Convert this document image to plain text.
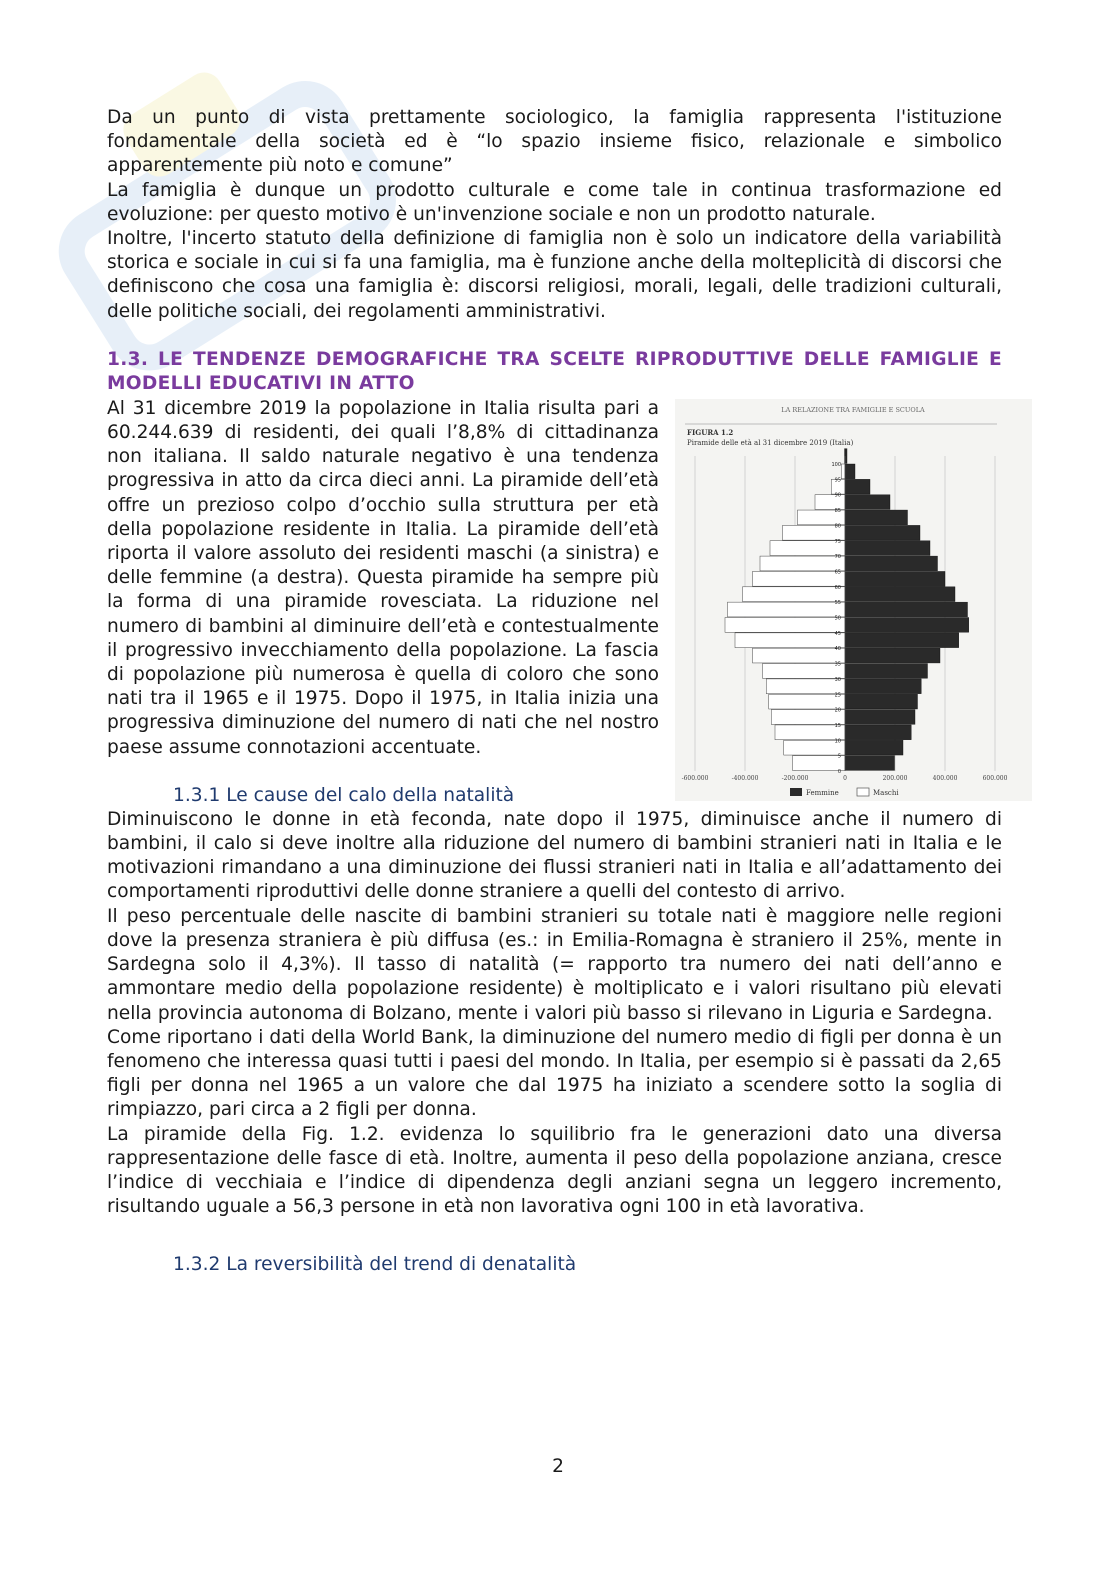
Da un punto di vista prettamente sociologico, la famiglia rappresenta l'istituzione fondamentale della società ed è “lo spazio insieme fisico, relazionale e simbolico apparentemente più noto e comune”

La famiglia è dunque un prodotto culturale e come tale in continua trasformazione ed evoluzione: per questo motivo è un'invenzione sociale e non un prodotto naturale.

Inoltre, l'incerto statuto della definizione di famiglia non è solo un indicatore della variabilità storica e sociale in cui si fa una famiglia, ma è funzione anche della molteplicità di discorsi che definiscono che cosa una famiglia è: discorsi religiosi, morali, legali, delle tradizioni culturali, delle politiche sociali, dei regolamenti amministrativi.

1.3. LE TENDENZE DEMOGRAFICHE TRA SCELTE RIPRODUTTIVE DELLE FAMIGLIE E MODELLI EDUCATIVI IN ATTO
LA RELAZIONE TRA FAMIGLIE E SCUOLA
FIGURA 1.2
Piramide delle età al 31 dicembre 2019 (Italia)
100
95
90
85
80
75
70
65
60
55
50
45
40
35
30
25
20
15
10
5
0
-600.000	-400.000	-200.000	0	200.000	400.000	600.000
Femmine	Maschi

Al 31 dicembre 2019 la popolazione in Italia risulta pari a 60.244.639 di residenti, dei quali l’8,8% di cittadinanza non italiana. Il saldo naturale negativo è una tendenza progressiva in atto da circa dieci anni. La piramide dell’età offre un prezioso colpo d’occhio sulla struttura per età della popolazione residente in Italia. La piramide dell’età riporta il valore assoluto dei residenti maschi (a sinistra) e delle femmine (a destra). Questa piramide ha sempre più la forma di una piramide rovesciata. La riduzione nel numero di bambini al diminuire dell’età e contestualmente il progressivo invecchiamento della popolazione. La fascia di popolazione più numerosa è quella di coloro che sono nati tra il 1965 e il 1975. Dopo il 1975, in Italia inizia una progressiva diminuzione del numero di nati che nel nostro paese assume connotazioni accentuate.

1.3.1 Le cause del calo della natalità

Diminuiscono le donne in età feconda, nate dopo il 1975, diminuisce anche il numero di bambini, il calo si deve inoltre alla riduzione del numero di bambini stranieri nati in Italia e le motivazioni rimandano a una diminuzione dei flussi stranieri nati in Italia e all’adattamento dei comportamenti riproduttivi delle donne straniere a quelli del contesto di arrivo.

Il peso percentuale delle nascite di bambini stranieri su totale nati è maggiore nelle regioni dove la presenza straniera è più diffusa (es.: in Emilia-Romagna è straniero il 25%, mente in Sardegna solo il 4,3%). Il tasso di natalità (= rapporto tra numero dei nati dell’anno e ammontare medio della popolazione residente) è moltiplicato e i valori risultano più elevati nella provincia autonoma di Bolzano, mente i valori più basso si rilevano in Liguria e Sardegna.

Come riportano i dati della World Bank, la diminuzione del numero medio di figli per donna è un fenomeno che interessa quasi tutti i paesi del mondo. In Italia, per esempio si è passati da 2,65 figli per donna nel 1965 a un valore che dal 1975 ha iniziato a scendere sotto la soglia di rimpiazzo, pari circa a 2 figli per donna.

La piramide della Fig. 1.2. evidenza lo squilibrio fra le generazioni dato una diversa rappresentazione delle fasce di età. Inoltre, aumenta il peso della popolazione anziana, cresce l’indice di vecchiaia e l’indice di dipendenza degli anziani segna un leggero incremento, risultando uguale a 56,3 persone in età non lavorativa ogni 100 in età lavorativa.

1.3.2 La reversibilità del trend di denatalità
2
